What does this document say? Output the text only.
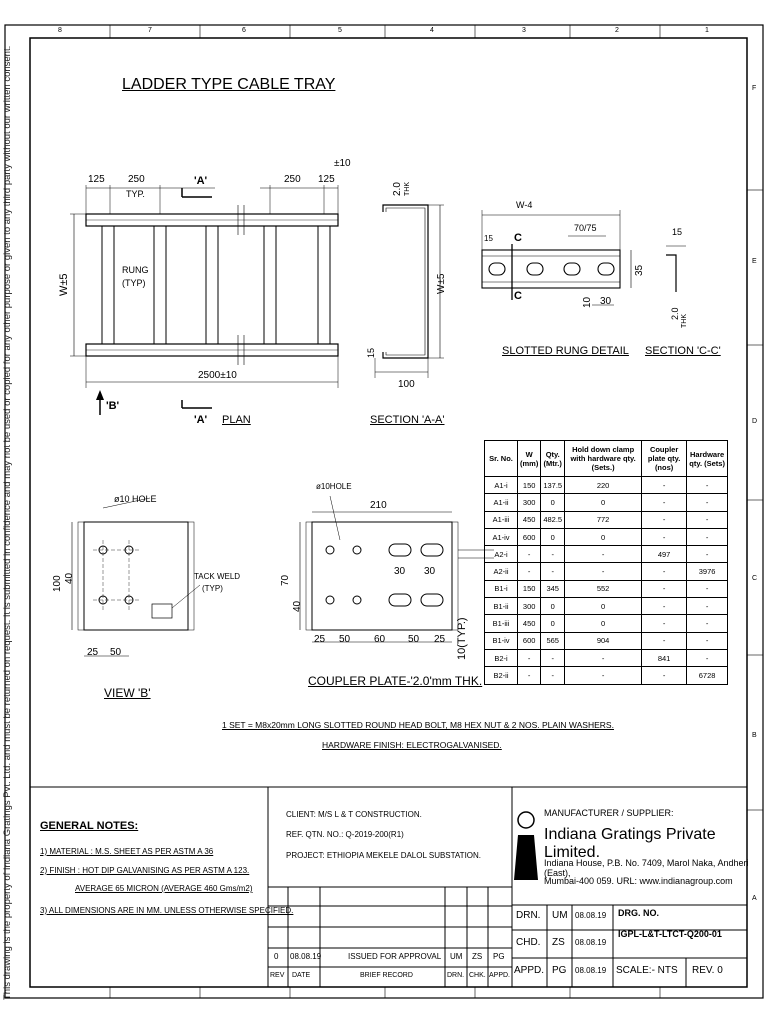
This drawing is the property of Indiana Gratings Pvt. Ltd. and must be returned on request. It is submitted in confidence and may not be used or copied for any other purpose or given to any third party without our written consent.
8	7	6	5	4	3	2	1
F
E
D
C
B
A
LADDER TYPE CABLE TRAY
125 250
TYP.
'A'	250 125
±10
W±5
RUNG
(TYP)
2500±10
'B'
'A' PLAN
2.0 THK
W±5
15
100
SECTION 'A-A'
W-4
70/75
15 C
C
35
10 30
SLOTTED RUNG DETAIL
15
2.0
THK
SECTION 'C-C'
Sr. No.	W (mm)	Qty. (Mtr.)	Hold down clamp with hardware qty. (Sets.)	Coupler plate qty. (nos)	Hardware qty. (Sets)
A1-i	150	137.5	220	-	-
A1-ii	300	0	0	-	-
A1-iii	450	482.5	772	-	-
A1-iv	600	0	0	-	-
A2-i	-	-	-	497	-
A2-ii	-	-	-	-	3976
B1-i	150	345	552	-	-
B1-ii	300	0	0	-	-
B1-iii	450	0	0	-	-
B1-iv	600	565	904	-	-
B2-i	-	-	-	841	-
B2-ii	-	-	-	-	6728
ø10 HOLE
TACK WELD
(TYP)
100 40
25 50
VIEW 'B'
ø10HOLE
210
70
40
30 30
25 50 60 50 25 10(TYP.)
COUPLER PLATE-'2.0'mm THK.
1 SET = M8x20mm LONG SLOTTED ROUND HEAD BOLT, M8 HEX NUT & 2 NOS. PLAIN WASHERS.
HARDWARE FINISH: ELECTROGALVANISED.
GENERAL NOTES:
1) MATERIAL : M.S. SHEET AS PER ASTM A 36
2) FINISH : HOT DIP GALVANISING AS PER ASTM A 123.
AVERAGE 65 MICRON (AVERAGE 460 Gms/m2)
3) ALL DIMENSIONS ARE IN MM. UNLESS OTHERWISE SPECIFIED.
CLIENT: M/S L & T CONSTRUCTION.
REF. QTN. NO.: Q-2019-200(R1)
PROJECT: ETHIOPIA MEKELE DALOL SUBSTATION.
0 08.08.19	ISSUED FOR APPROVAL UM ZS PG
REV DATE	BRIEF RECORD	DRN. CHK. APPD.
MANUFACTURER / SUPPLIER:
Indiana Gratings Private Limited.
Indiana House, P.B. No. 7409, Marol Naka, Andheri (East),
Mumbai-400 059. URL: www.indianagroup.com
DRN. UM 08.08.19
CHD. ZS 08.08.19
APPD. PG 08.08.19
DRG. NO.
IGPL-L&T-LTCT-Q200-01
SCALE:- NTS REV. 0
